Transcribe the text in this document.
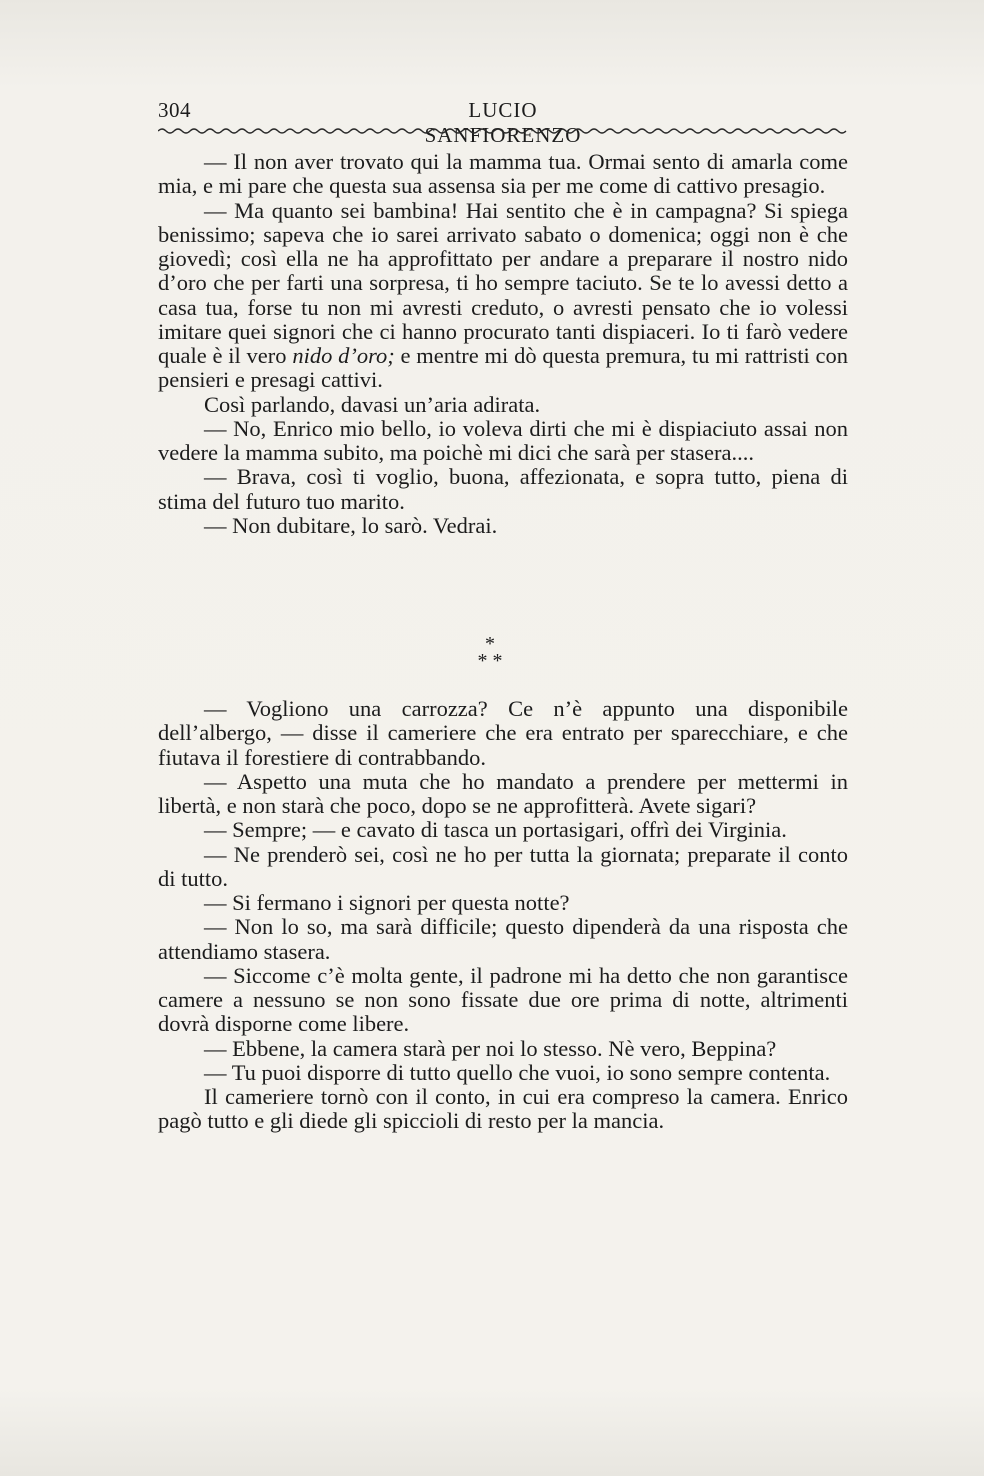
304	LUCIO SANFIORENZO

— Il non aver trovato qui la mamma tua. Ormai sento di amarla come mia, e mi pare che questa sua assensa sia per me come di cattivo presagio.

— Ma quanto sei bambina! Hai sentito che è in campagna? Si spiega benissimo; sapeva che io sarei arrivato sabato o domenica; oggi non è che giovedì; così ella ne ha approfittato per andare a preparare il nostro nido d’oro che per farti una sorpresa, ti ho sempre taciuto. Se te lo avessi detto a casa tua, forse tu non mi avresti creduto, o avresti pensato che io volessi imitare quei signori che ci hanno procurato tanti dispiaceri. Io ti farò vedere quale è il vero nido d’oro; e mentre mi dò questa premura, tu mi rattristi con pensieri e presagi cattivi.

Così parlando, davasi un’aria adirata.

— No, Enrico mio bello, io voleva dirti che mi è dispiaciuto assai non vedere la mamma subito, ma poichè mi dici che sarà per stasera....

— Brava, così ti voglio, buona, affezionata, e sopra tutto, piena di stima del futuro tuo marito.

— Non dubitare, lo sarò. Vedrai.

*
* *

— Vogliono una carrozza? Ce n’è appunto una disponibile dell’albergo, — disse il cameriere che era entrato per sparecchiare, e che fiutava il forestiere di contrabbando.

— Aspetto una muta che ho mandato a prendere per mettermi in libertà, e non starà che poco, dopo se ne approfitterà. Avete sigari?

— Sempre; — e cavato di tasca un portasigari, offrì dei Virginia.

— Ne prenderò sei, così ne ho per tutta la giornata; preparate il conto di tutto.

— Si fermano i signori per questa notte?

— Non lo so, ma sarà difficile; questo dipenderà da una risposta che attendiamo stasera.

— Siccome c’è molta gente, il padrone mi ha detto che non garantisce camere a nessuno se non sono fissate due ore prima di notte, altrimenti dovrà disporne come libere.

— Ebbene, la camera starà per noi lo stesso. Nè vero, Beppina?

— Tu puoi disporre di tutto quello che vuoi, io sono sempre contenta.

Il cameriere tornò con il conto, in cui era compreso la camera. Enrico pagò tutto e gli diede gli spiccioli di resto per la mancia.
